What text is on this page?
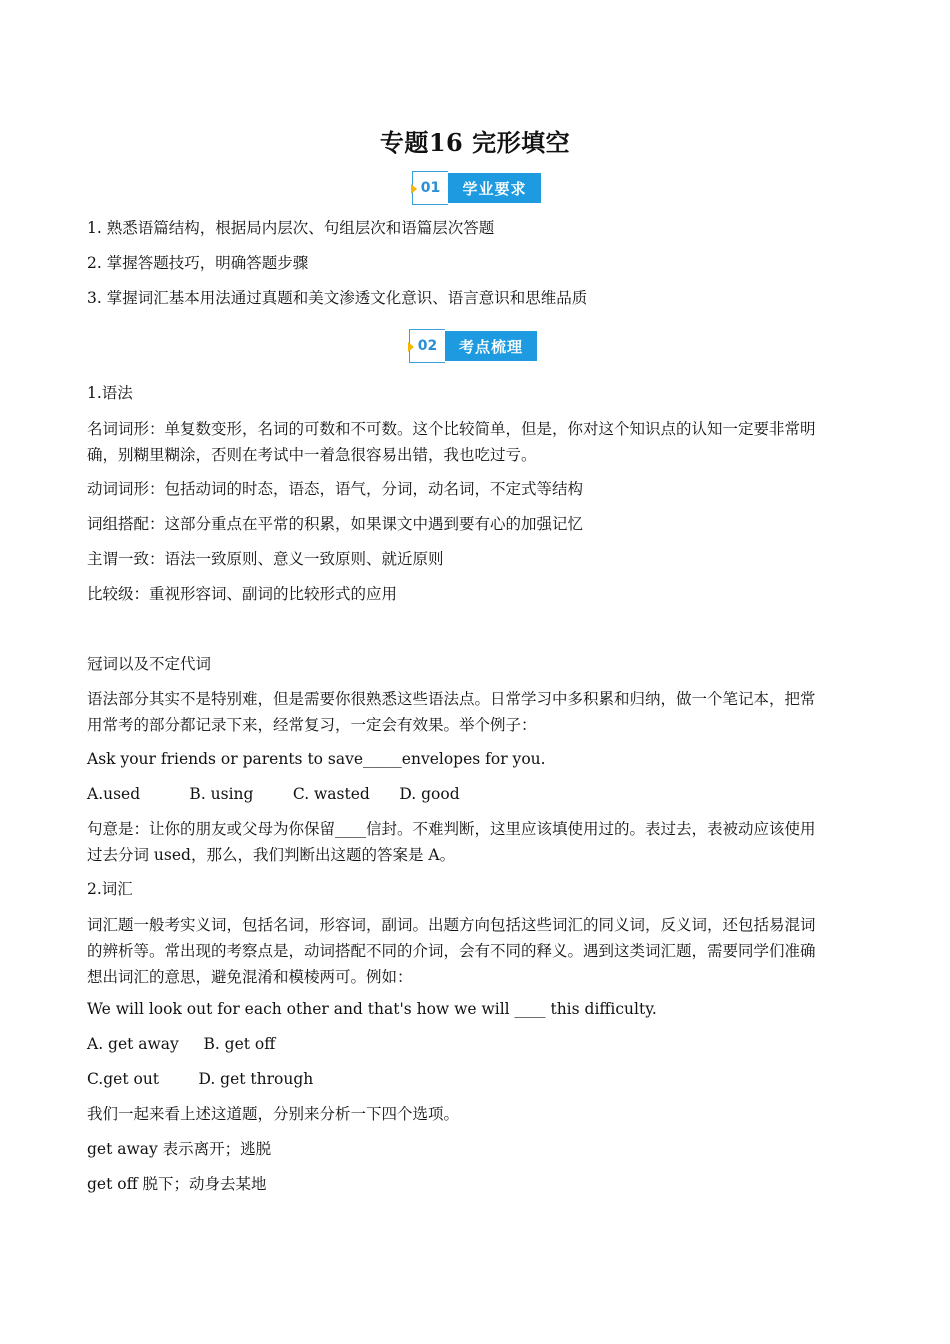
专题16 完形填空
01	学业要求
1. 熟悉语篇结构，根据局内层次、句组层次和语篇层次答题
2. 掌握答题技巧，明确答题步骤
3. 掌握词汇基本用法通过真题和美文渗透文化意识、语言意识和思维品质
02	考点梳理
1.语法
名词词形：单复数变形，名词的可数和不可数。这个比较简单，但是，你对这个知识点的认知一定要非常明确，别糊里糊涂，否则在考试中一着急很容易出错，我也吃过亏。
动词词形：包括动词的时态，语态，语气，分词，动名词，不定式等结构
词组搭配：这部分重点在平常的积累，如果课文中遇到要有心的加强记忆
主谓一致：语法一致原则、意义一致原则、就近原则
比较级：重视形容词、副词的比较形式的应用
冠词以及不定代词
语法部分其实不是特别难，但是需要你很熟悉这些语法点。日常学习中多积累和归纳，做一个笔记本，把常用常考的部分都记录下来，经常复习，一定会有效果。举个例子：
Ask your friends or parents to save_____envelopes for you.
A.used          B. using        C. wasted      D. good
句意是：让你的朋友或父母为你保留____信封。不难判断，这里应该填使用过的。表过去，表被动应该使用过去分词 used，那么，我们判断出这题的答案是 A。
2.词汇
词汇题一般考实义词，包括名词，形容词，副词。出题方向包括这些词汇的同义词，反义词，还包括易混词的辨析等。常出现的考察点是，动词搭配不同的介词，会有不同的释义。遇到这类词汇题，需要同学们准确想出词汇的意思，避免混淆和模棱两可。例如：
We will look out for each other and that's how we will ____ this difficulty.
A. get away     B. get off
C.get out        D. get through
我们一起来看上述这道题，分别来分析一下四个选项。
get away 表示离开；逃脱
get off 脱下；动身去某地
